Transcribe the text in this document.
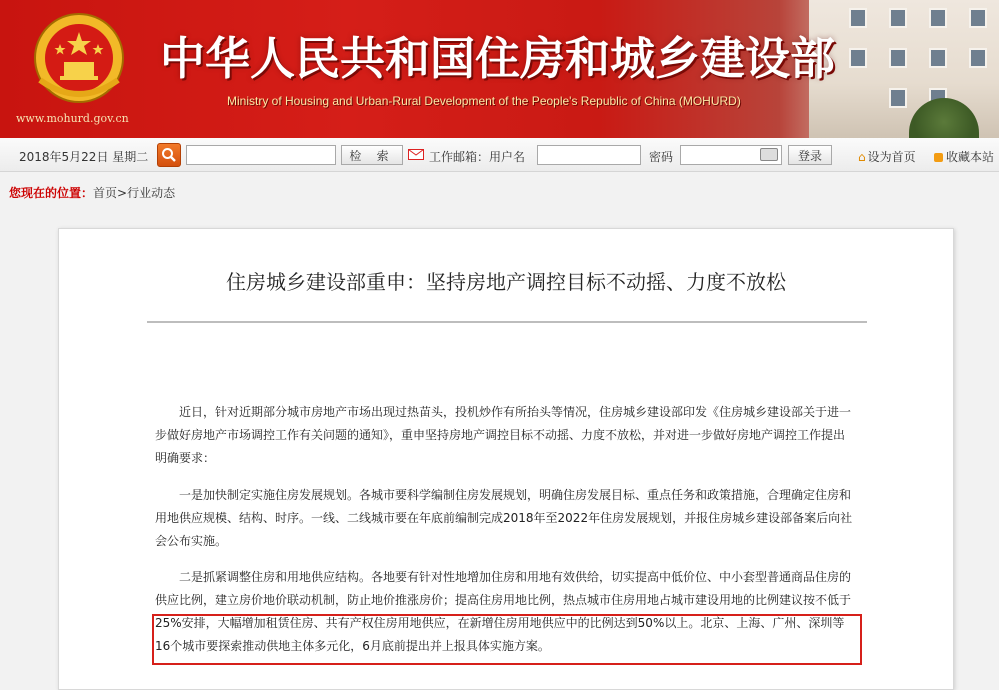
www.mohurd.gov.cn
中华人民共和国住房和城乡建设部
Ministry of Housing and Urban-Rural Development of the People's Republic of China (MOHURD)
2018年5月22日 星期二	检 索	工作邮箱：用户名	密码	登录	⌂ 设为首页	收藏本站
您现在的位置：首页>行业动态
住房城乡建设部重申：坚持房地产调控目标不动摇、力度不放松

近日，针对近期部分城市房地产市场出现过热苗头，投机炒作有所抬头等情况，住房城乡建设部印发《住房城乡建设部关于进一步做好房地产市场调控工作有关问题的通知》，重申坚持房地产调控目标不动摇、力度不放松，并对进一步做好房地产调控工作提出明确要求：

一是加快制定实施住房发展规划。各城市要科学编制住房发展规划，明确住房发展目标、重点任务和政策措施，合理确定住房和用地供应规模、结构、时序。一线、二线城市要在年底前编制完成2018年至2022年住房发展规划，并报住房城乡建设部备案后向社会公布实施。

二是抓紧调整住房和用地供应结构。各地要有针对性地增加住房和用地有效供给，切实提高中低价位、中小套型普通商品住房的供应比例，建立房价地价联动机制，防止地价推涨房价；提高住房用地比例，热点城市住房用地占城市建设用地的比例建议按不低于25%安排，大幅增加租赁住房、共有产权住房用地供应，在新增住房用地供应中的比例达到50%以上。北京、上海、广州、深圳等16个城市要探索推动供地主体多元化，6月底前提出并上报具体实施方案。
